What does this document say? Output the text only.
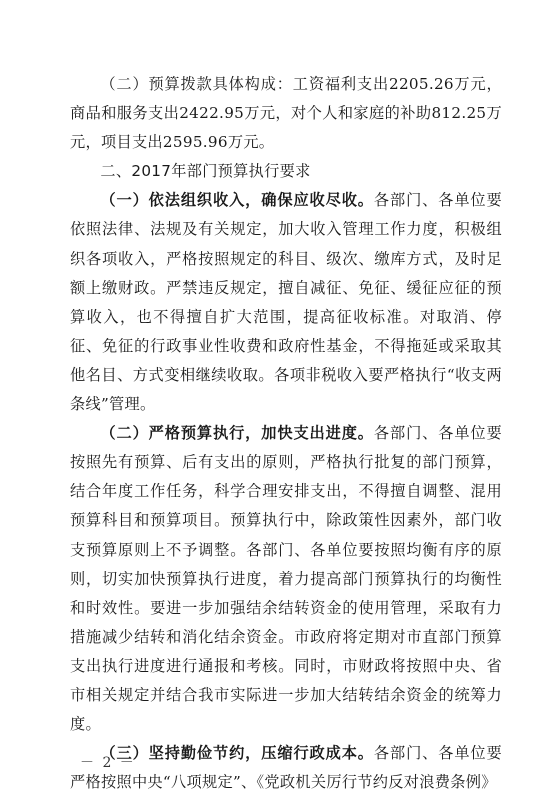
（二）预算拨款具体构成：工资福利支出2205.26万元，商品和服务支出2422.95万元，对个人和家庭的补助812.25万元，项目支出2595.96万元。

二、2017年部门预算执行要求

（一）依法组织收入，确保应收尽收。各部门、各单位要依照法律、法规及有关规定，加大收入管理工作力度，积极组织各项收入，严格按照规定的科目、级次、缴库方式，及时足额上缴财政。严禁违反规定，擅自减征、免征、缓征应征的预算收入，也不得擅自扩大范围，提高征收标准。对取消、停征、免征的行政事业性收费和政府性基金，不得拖延或采取其他名目、方式变相继续收取。各项非税收入要严格执行“收支两条线”管理。

（二）严格预算执行，加快支出进度。各部门、各单位要按照先有预算、后有支出的原则，严格执行批复的部门预算，结合年度工作任务，科学合理安排支出，不得擅自调整、混用预算科目和预算项目。预算执行中，除政策性因素外，部门收支预算原则上不予调整。各部门、各单位要按照均衡有序的原则，切实加快预算执行进度，着力提高部门预算执行的均衡性和时效性。要进一步加强结余结转资金的使用管理，采取有力措施减少结转和消化结余资金。市政府将定期对市直部门预算支出执行进度进行通报和考核。同时，市财政将按照中央、省市相关规定并结合我市实际进一步加大结转结余资金的统筹力度。

（三）坚持勤俭节约，压缩行政成本。各部门、各单位要严格按照中央“八项规定”、《党政机关厉行节约反对浪费条例》

－ 2 －
